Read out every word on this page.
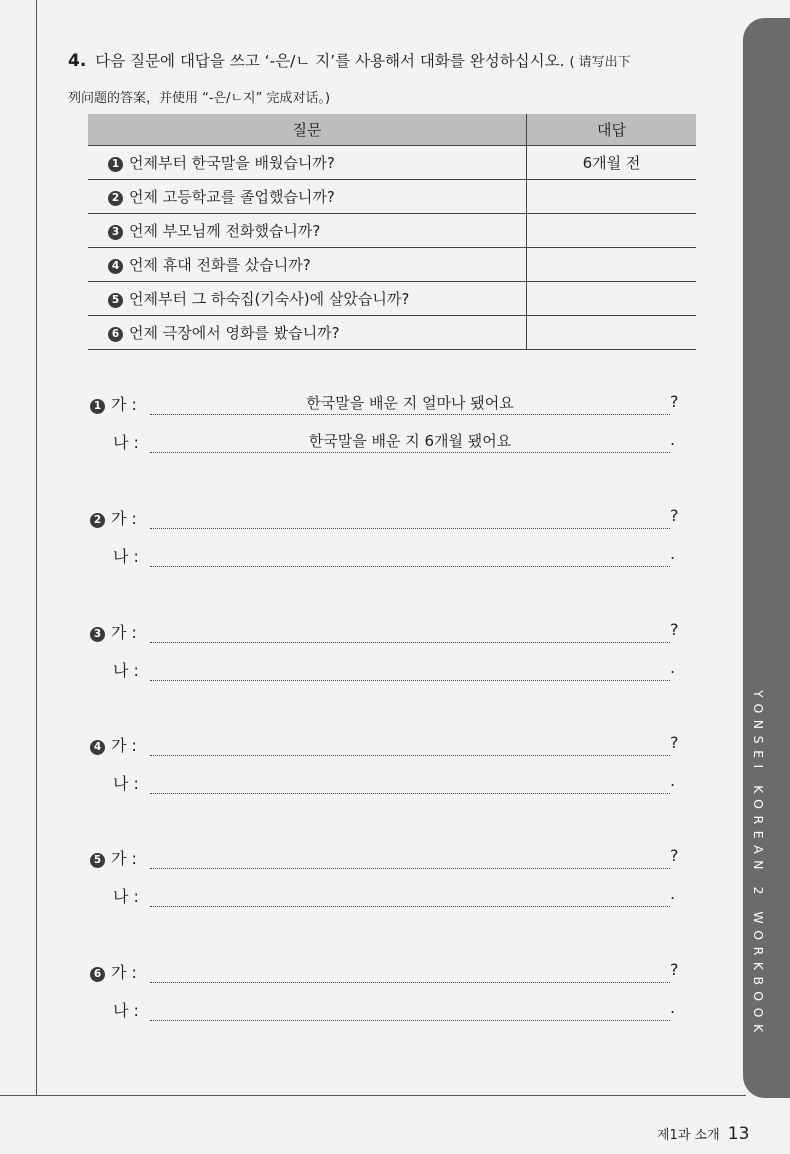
YONSEI KOREAN 2 WORKBOOK
4. 다음 질문에 대답을 쓰고 ‘-은/ㄴ 지’를 사용해서 대화를 완성하십시오. ( 请写出下
列问题的答案，并使用 “-은/ㄴ지” 完成对话。)
질문	대답
1 언제부터 한국말을 배웠습니까?	6개월 전
2 언제 고등학교를 졸업했습니까?	
3 언제 부모님께 전화했습니까?	
4 언제 휴대 전화를 샀습니까?	
5 언제부터 그 하숙집(기숙사)에 살았습니까?	
6 언제 극장에서 영화를 봤습니까?	
1 가 :	한국말을 배운 지 얼마나 됐어요	?
나 :	한국말을 배운 지 6개월 됐어요	.
2 가 :	?
나 :	.
3 가 :	?
나 :	.
4 가 :	?
나 :	.
5 가 :	?
나 :	.
6 가 :	?
나 :	.
제1과 소개 13
